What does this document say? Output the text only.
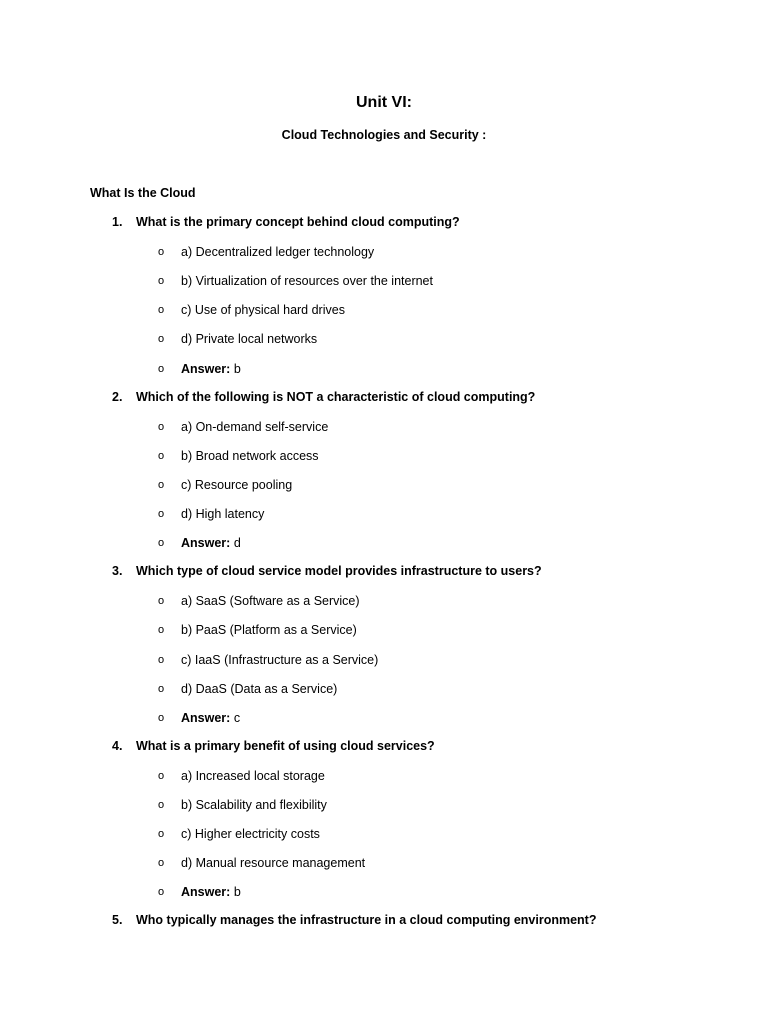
Unit VI:
Cloud Technologies and Security :
What Is the Cloud
1. What is the primary concept behind cloud computing?
o a) Decentralized ledger technology
o b) Virtualization of resources over the internet
o c) Use of physical hard drives
o d) Private local networks
o Answer: b
2. Which of the following is NOT a characteristic of cloud computing?
o a) On-demand self-service
o b) Broad network access
o c) Resource pooling
o d) High latency
o Answer: d
3. Which type of cloud service model provides infrastructure to users?
o a) SaaS (Software as a Service)
o b) PaaS (Platform as a Service)
o c) IaaS (Infrastructure as a Service)
o d) DaaS (Data as a Service)
o Answer: c
4. What is a primary benefit of using cloud services?
o a) Increased local storage
o b) Scalability and flexibility
o c) Higher electricity costs
o d) Manual resource management
o Answer: b
5. Who typically manages the infrastructure in a cloud computing environment?
